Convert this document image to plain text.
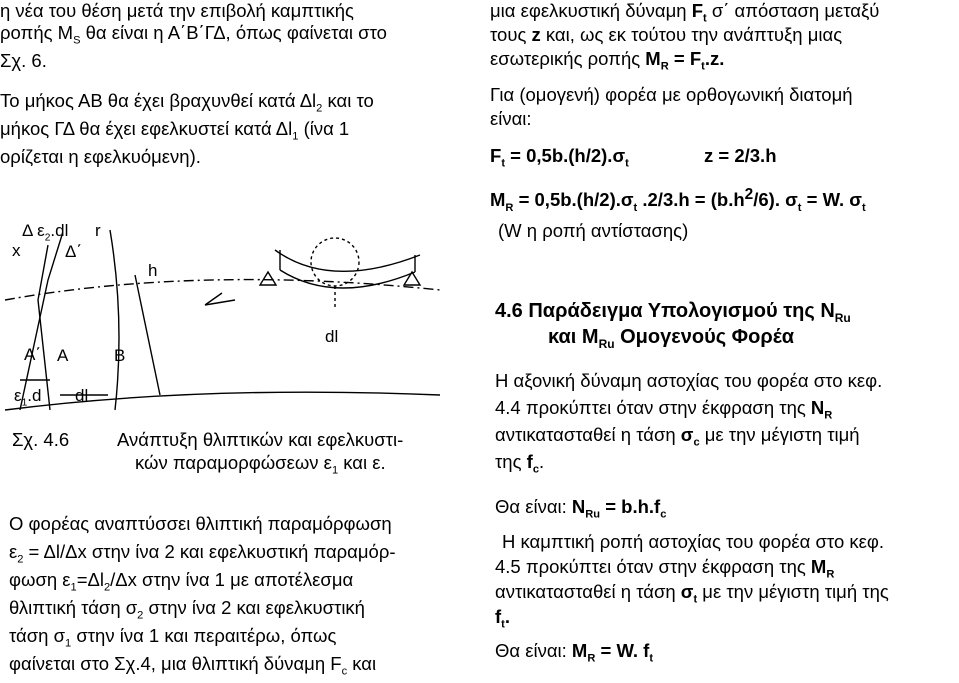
η νέα του θέση μετά την επιβολή καμπτικής
ροπής $M_S$ θα είναι η Α΄Β΄ΓΔ, όπως φαίνεται στο
Σχ. 6.
Το μήκος ΑΒ θα έχει βραχυνθεί κατά $\Delta l_2$ και το
μήκος ΓΔ θα έχει εφελκυστεί κατά $\Delta l_1$ (ίνα 1
ορίζεται η εφελκυόμενη).
Δ $\varepsilon_2.dl$ r
x	Δ΄
h
dl
Α΄ Α	Β
$\varepsilon_1.d$ dl
Σχ. 4.6	Ανάπτυξη θλιπτικών και εφελκυστι-
κών παραμορφώσεων $\varepsilon_1$ και ε.
Ο φορέας αναπτύσσει θλιπτική παραμόρφωση
$\varepsilon_2 = \Delta l/\Delta x$ στην ίνα 2 και εφελκυστική παραμόρ-
φωση $\varepsilon_1=\Delta l_2/\Delta x$ στην ίνα 1 με αποτέλεσμα
θλιπτική τάση $\sigma_2$ στην ίνα 2 και εφελκυστική
τάση $\sigma_1$ στην ίνα 1 και περαιτέρω, όπως
φαίνεται στο Σχ.4, μια θλιπτική δύναμη $F_c$ και
μια εφελκυστική δύναμη $F_t$ σ΄ απόσταση μεταξύ
τους z και, ως εκ τούτου την ανάπτυξη μιας
εσωτερικής ροπής $M_R = F_t.z$.
Για (ομογενή) φορέα με ορθογωνική διατομή
είναι:
$F_t = 0,5b.(h/2).\sigma_t$	z = 2/3.h
$M_R = 0,5b.(h/2).\sigma_t$ $.2/3.h = (b.h^2/6)$. $\sigma_t = W$. $\sigma_t$
(W η ροπή αντίστασης)
4.6 Παράδειγμα Υπολογισμού της $N_{Ru}$
και $M_{Ru}$ Ομογενούς Φορέα
Η αξονική δύναμη αστοχίας του φορέα στο κεφ.
4.4 προκύπτει όταν στην έκφραση της $N_R$
αντικατασταθεί η τάση $\sigma_c$ με την μέγιστη τιμή
της $f_c$.
Θα είναι: $N_{Ru} = b.h.f_c$
Η καμπτική ροπή αστοχίας του φορέα στο κεφ.
4.5 προκύπτει όταν στην έκφραση της $M_R$
αντικατασταθεί η τάση $\sigma_t$ με την μέγιστη τιμή της
$f_t$.
Θα είναι: $M_R = W$. $f_t$
